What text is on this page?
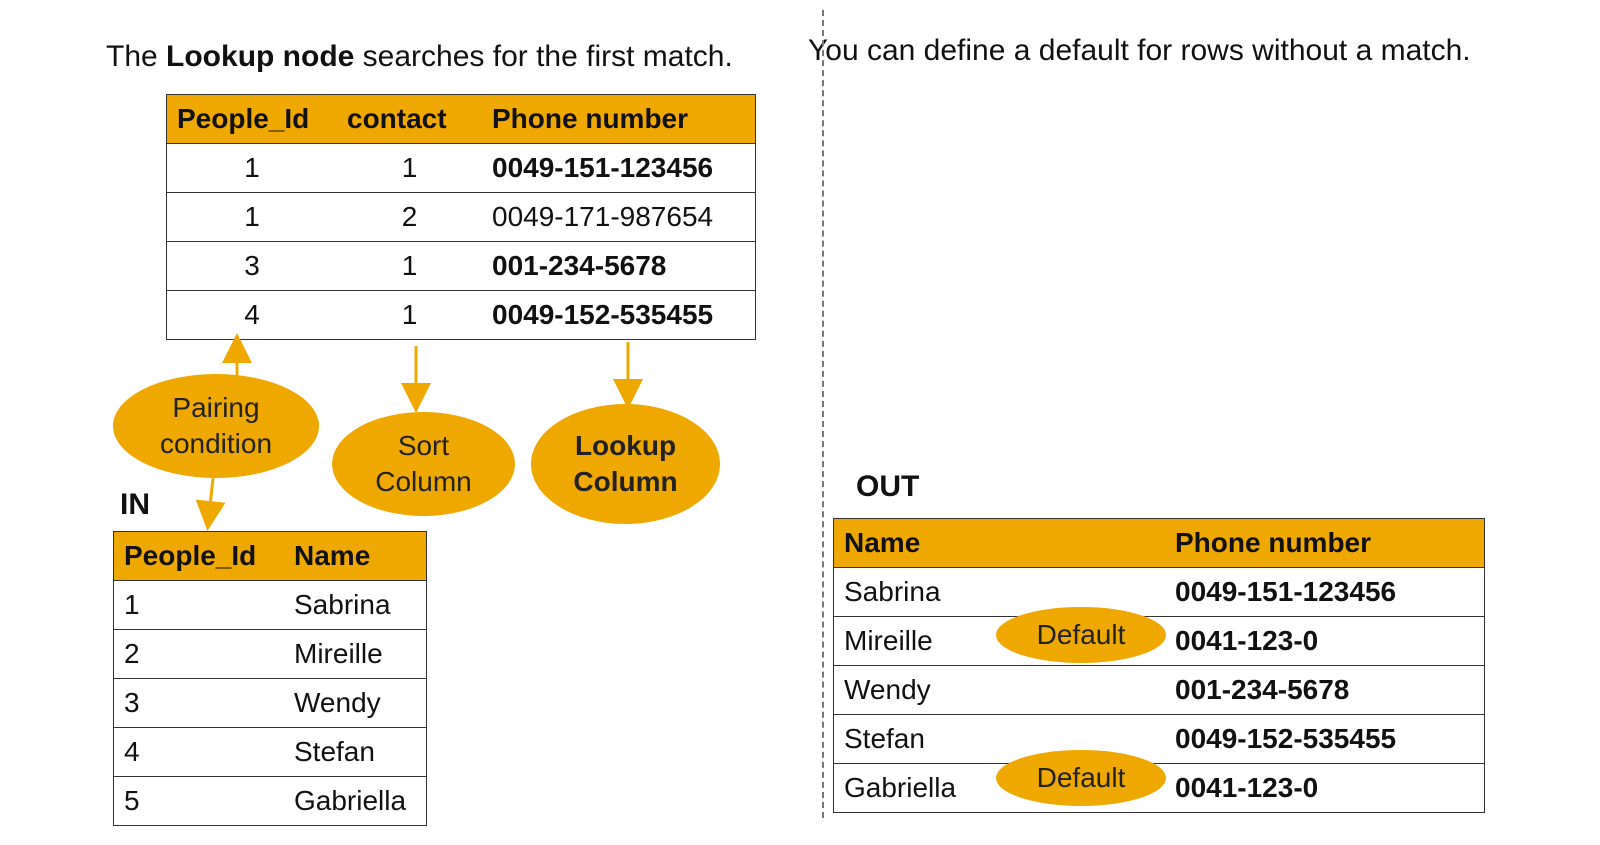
The Lookup node searches for the first match.	You can define a default for rows without a match.
People_Id	contact	Phone number
1	1	0049-151-123456
1	2	0049-171-987654
3	1	001-234-5678
4	1	0049-152-535455
Pairing
condition	Sort
Column
Lookup
Column
IN
People_Id	Name
1	Sabrina
2	Mireille
3	Wendy
4	Stefan
5	Gabriella
OUT
Name	Phone number
Sabrina	0049-151-123456
Mireille	0041-123-0
Wendy	001-234-5678
Stefan	0049-152-535455
Gabriella	0041-123-0
Default
Default
